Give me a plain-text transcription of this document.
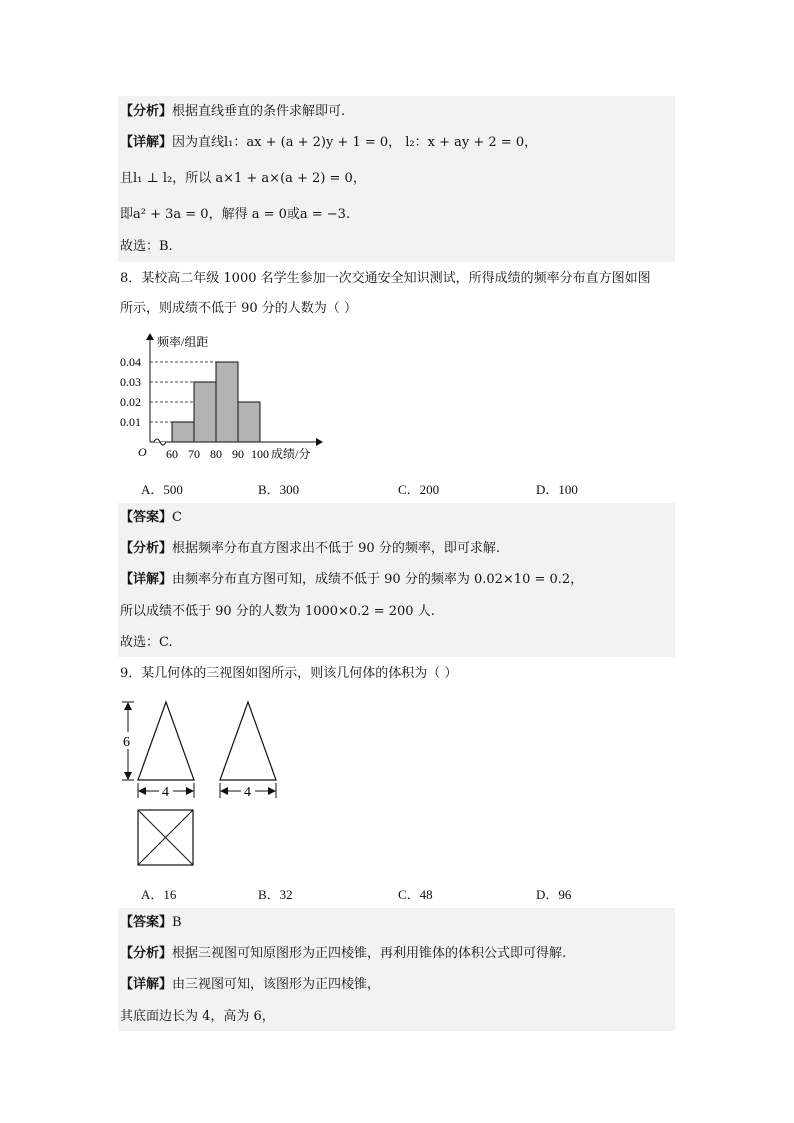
【分析】根据直线垂直的条件求解即可.
【详解】因为直线l₁：ax + (a + 2)y + 1 = 0， l₂：x + ay + 2 = 0，
且l₁ ⊥ l₂，所以 a×1 + a×(a + 2) = 0，
即a² + 3a = 0，解得 a = 0或a = −3.
故选：B.
8．某校高二年级 1000 名学生参加一次交通安全知识测试，所得成绩的频率分布直方图如图
所示，则成绩不低于 90 分的人数为（ ）
0.04
0.03
0.02
0.01
60 70 80 90 100
频率/组距
成绩/分
O
A．500	B．300	C．200	D．100
【答案】C
【分析】根据频率分布直方图求出不低于 90 分的频率，即可求解.
【详解】由频率分布直方图可知，成绩不低于 90 分的频率为 0.02×10 = 0.2，
所以成绩不低于 90 分的人数为 1000×0.2 = 200 人.
故选：C.
9．某几何体的三视图如图所示，则该几何体的体积为（ ）
6
4	4
A．16	B．32	C．48	D．96
【答案】B
【分析】根据三视图可知原图形为正四棱锥，再利用锥体的体积公式即可得解.
【详解】由三视图可知，该图形为正四棱锥，
其底面边长为 4，高为 6，
